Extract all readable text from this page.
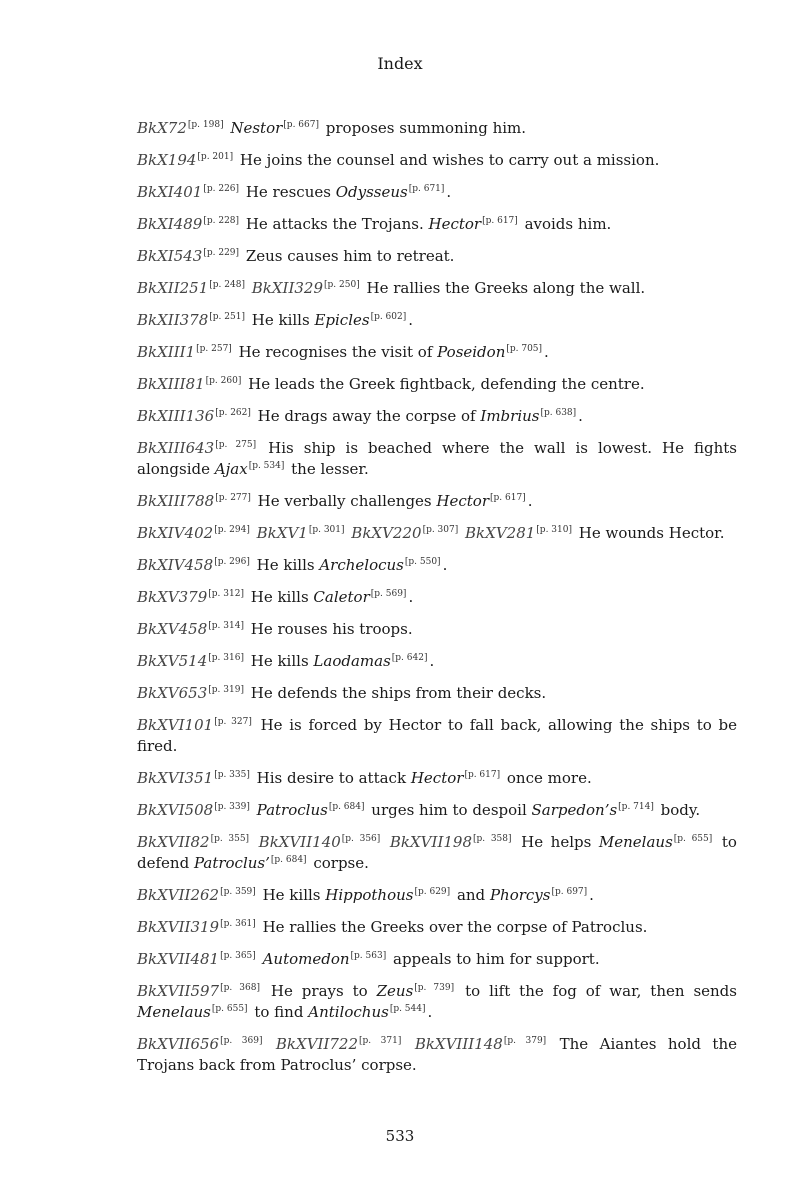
Index
BkX72[p. 198] Nestor[p. 667] proposes summoning him.
BkX194[p. 201] He joins the counsel and wishes to carry out a mission.
BkXI401[p. 226] He rescues Odysseus[p. 671] .
BkXI489[p. 228] He attacks the Trojans. Hector[p. 617] avoids him.
BkXI543[p. 229] Zeus causes him to retreat.
BkXII251[p. 248] BkXII329[p. 250] He rallies the Greeks along the wall.
BkXII378[p. 251] He kills Epicles[p. 602] .
BkXIII1[p. 257] He recognises the visit of Poseidon[p. 705] .
BkXIII81[p. 260] He leads the Greek fightback, defending the centre.
BkXIII136[p. 262] He drags away the corpse of Imbrius[p. 638] .
BkXIII643[p. 275] His ship is beached where the wall is lowest. He fights alongside Ajax[p. 534] the lesser.
BkXIII788[p. 277] He verbally challenges Hector[p. 617] .
BkXIV402[p. 294] BkXV1[p. 301] BkXV220[p. 307] BkXV281[p. 310] He wounds Hector.
BkXIV458[p. 296] He kills Archelocus[p. 550] .
BkXV379[p. 312] He kills Caletor[p. 569] .
BkXV458[p. 314] He rouses his troops.
BkXV514[p. 316] He kills Laodamas[p. 642] .
BkXV653[p. 319] He defends the ships from their decks.
BkXVI101[p. 327] He is forced by Hector to fall back, allowing the ships to be fired.
BkXVI351[p. 335] His desire to attack Hector[p. 617] once more.
BkXVI508[p. 339] Patroclus[p. 684] urges him to despoil Sarpedon’s[p. 714] body.
BkXVII82[p. 355] BkXVII140[p. 356] BkXVII198[p. 358] He helps Menelaus[p. 655] to defend Patroclus’[p. 684] corpse.
BkXVII262[p. 359] He kills Hippothous[p. 629] and Phorcys[p. 697] .
BkXVII319[p. 361] He rallies the Greeks over the corpse of Patroclus.
BkXVII481[p. 365] Automedon[p. 563] appeals to him for support.
BkXVII597[p. 368] He prays to Zeus[p. 739] to lift the fog of war, then sends Menelaus[p. 655] to find Antilochus[p. 544] .
BkXVII656[p. 369] BkXVII722[p. 371] BkXVIII148[p. 379] The Aiantes hold the Trojans back from Patroclus’ corpse.
533
